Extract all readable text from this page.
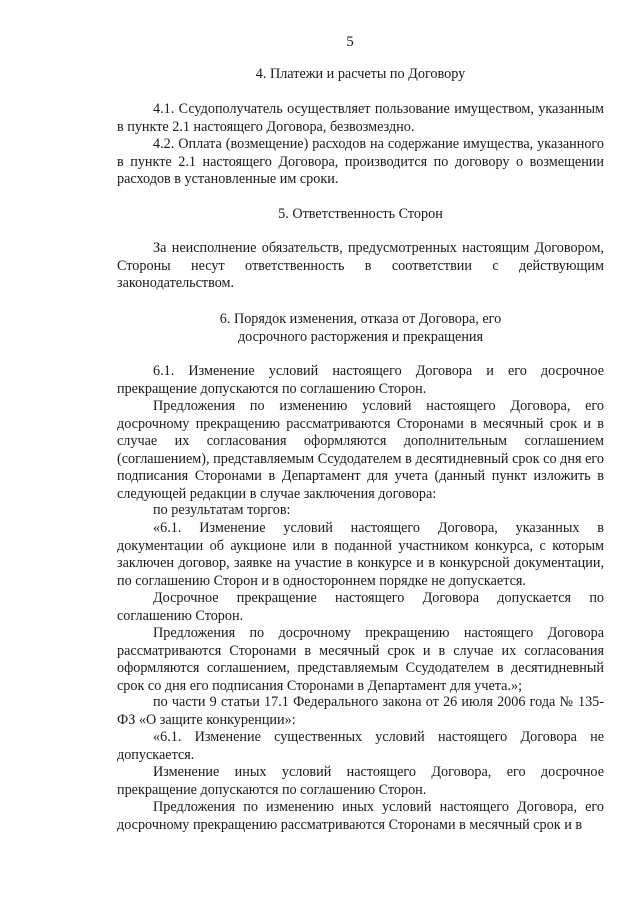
5
4. Платежи и расчеты по Договору

4.1. Ссудополучатель осуществляет пользование имуществом, указанным в пункте 2.1 настоящего Договора, безвозмездно.

4.2. Оплата (возмещение) расходов на содержание имущества, указанного в пункте 2.1 настоящего Договора, производится по договору о возмещении расходов в установленные им сроки.

5. Ответственность Сторон

За неисполнение обязательств, предусмотренных настоящим Договором, Стороны несут ответственность в соответствии с действующим законодательством.

6. Порядок изменения, отказа от Договора, его
досрочного расторжения и прекращения

6.1. Изменение условий настоящего Договора и его досрочное прекращение допускаются по соглашению Сторон.

Предложения по изменению условий настоящего Договора, его досрочному прекращению рассматриваются Сторонами в месячный срок и в случае их согласования оформляются дополнительным соглашением (соглашением), представляемым Ссудодателем в десятидневный срок со дня его подписания Сторонами в Департамент для учета (данный пункт изложить в следующей редакции в случае заключения договора:

по результатам торгов:

«6.1. Изменение условий настоящего Договора, указанных в документации об аукционе или в поданной участником конкурса, с которым заключен договор, заявке на участие в конкурсе и в конкурсной документации, по соглашению Сторон и в одностороннем порядке не допускается.

Досрочное прекращение настоящего Договора допускается по соглашению Сторон.

Предложения по досрочному прекращению настоящего Договора рассматриваются Сторонами в месячный срок и в случае их согласования оформляются соглашением, представляемым Ссудодателем в десятидневный срок со дня его подписания Сторонами в Департамент для учета.»;

по части 9 статьи 17.1 Федерального закона от 26 июля 2006 года № 135-ФЗ «О защите конкуренции»:

«6.1. Изменение существенных условий настоящего Договора не допускается.

Изменение иных условий настоящего Договора, его досрочное прекращение допускаются по соглашению Сторон.

Предложения по изменению иных условий настоящего Договора, его досрочному прекращению рассматриваются Сторонами в месячный срок и в
